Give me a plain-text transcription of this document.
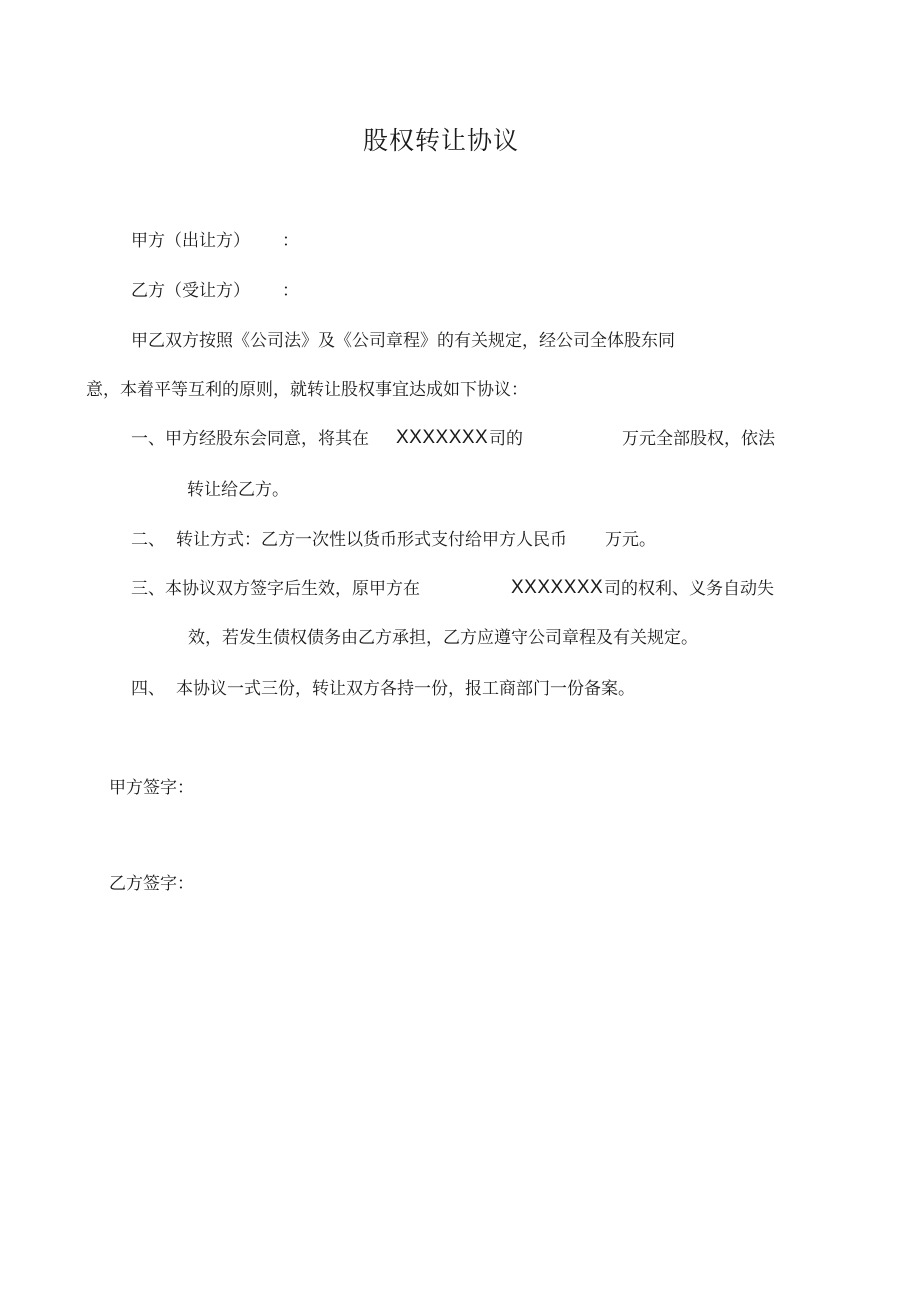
股权转让协议
甲方（出让方） ：
乙方（受让方） ：
甲乙双方按照《公司法》及《公司章程》的有关规定，经公司全体股东同
意，本着平等互利的原则，就转让股权事宜达成如下协议：
一、甲方经股东会同意，将其在 XXXXXXX 司的	万元全部股权，依法
转让给乙方。
二、 转让方式：乙方一次性以货币形式支付给甲方人民币 万元。
三、本协议双方签字后生效，原甲方在	XXXXXXX 司的权利、义务自动失
效，若发生债权债务由乙方承担，乙方应遵守公司章程及有关规定。
四、 本协议一式三份，转让双方各持一份，报工商部门一份备案。
甲方签字：
乙方签字：
